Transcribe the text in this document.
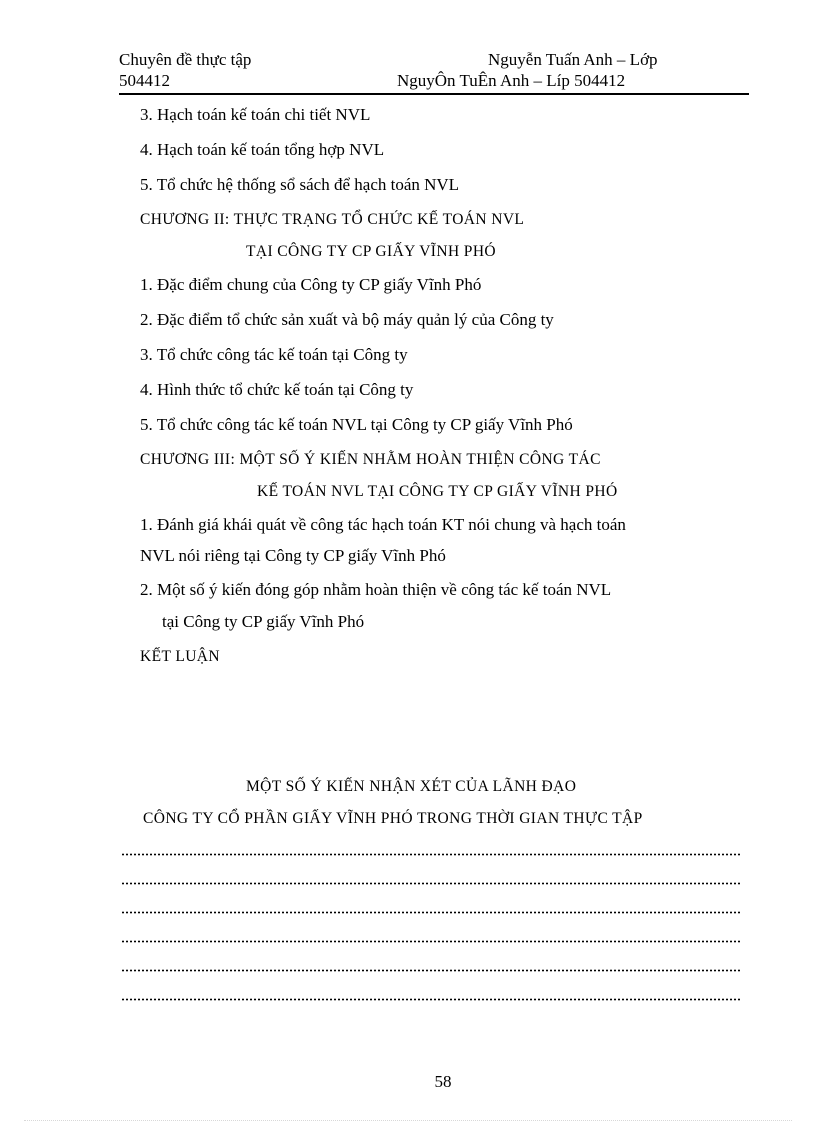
Chuyên đề thực tập
504412
Nguyễn Tuấn Anh – Lớp
NguyÔn TuÊn Anh – Líp 504412
3. Hạch toán kế toán chi tiết NVL
4. Hạch toán kế toán tổng hợp NVL
5. Tổ chức hệ thống sổ sách để hạch toán NVL
CHƯƠNG II: THỰC TRẠNG TỔ CHỨC KẾ TOÁN NVL
TẠI CÔNG TY CP GIẤY VĨNH PHÓ
1. Đặc điểm chung của Công ty CP giấy Vĩnh Phó
2. Đặc điểm tổ chức sản xuất và bộ máy quản lý của Công ty
3. Tổ chức công tác kế toán tại Công ty
4. Hình thức tổ chức kế toán tại Công ty
5. Tổ chức công tác kế toán NVL tại Công ty CP giấy Vĩnh Phó
CHƯƠNG III: MỘT SỐ Ý KIẾN NHẰM HOÀN THIỆN CÔNG TÁC
KẾ TOÁN NVL TẠI CÔNG TY CP GIẤY VĨNH PHÓ
1. Đánh giá khái quát về công tác hạch toán KT nói chung và hạch toán
NVL nói riêng tại Công ty CP giấy Vĩnh Phó
2. Một số ý kiến đóng góp nhằm hoàn thiện về công tác kế toán NVL
tại Công ty CP giấy Vĩnh Phó
KẾT LUẬN
MỘT SỐ Ý KIẾN NHẬN XÉT CỦA LÃNH ĐẠO
CÔNG TY CỔ PHẦN GIẤY VĨNH PHÓ TRONG THỜI GIAN THỰC TẬP
58
